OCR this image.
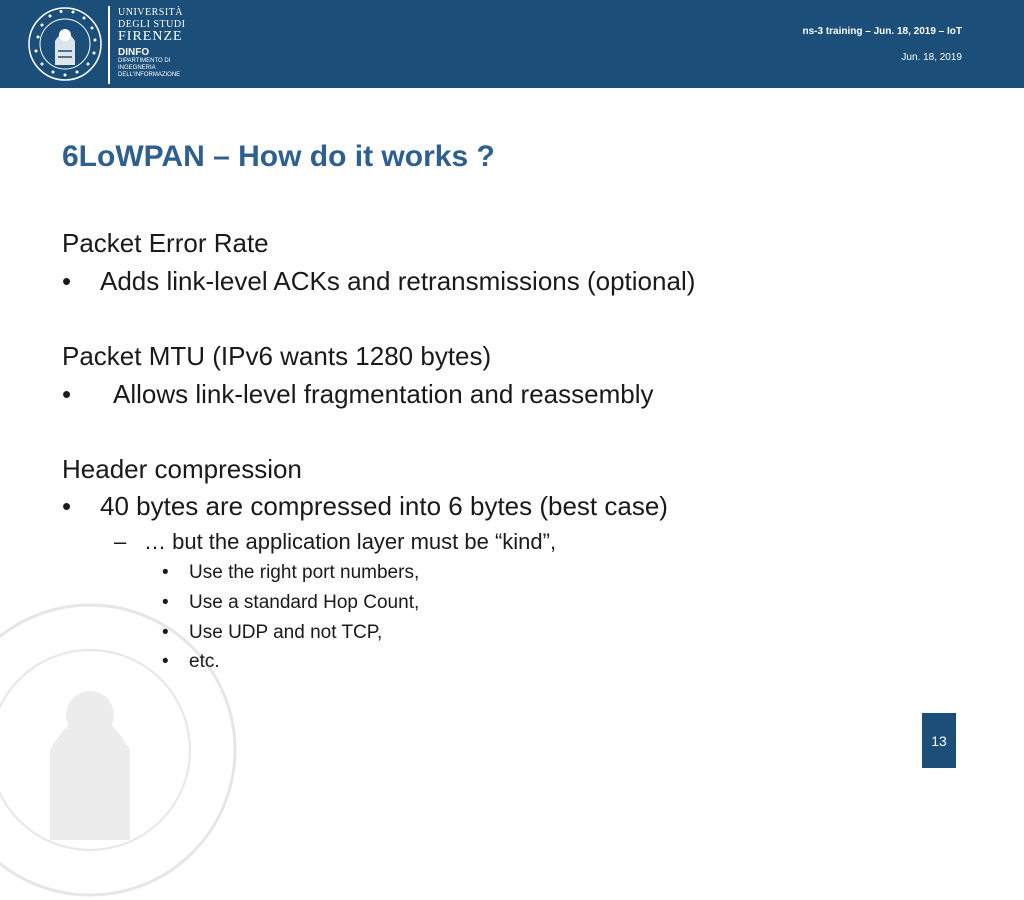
UNIVERSITÀ
DEGLI STUDI
FIRENZE
DINFO
DIPARTIMENTO DI
INGEGNERIA
DELL'INFORMAZIONE
ns-3 training – Jun. 18, 2019 – IoT
Jun. 18, 2019
6LoWPAN – How do it works ?
Packet Error Rate
• Adds link-level ACKs and retransmissions (optional)
Packet MTU (IPv6 wants 1280 bytes)
• Allows link-level fragmentation and reassembly
Header compression
• 40 bytes are compressed into 6 bytes (best case)
– … but the application layer must be “kind”,
• Use the right port numbers,
• Use a standard Hop Count,
• Use UDP and not TCP,
• etc.
13
